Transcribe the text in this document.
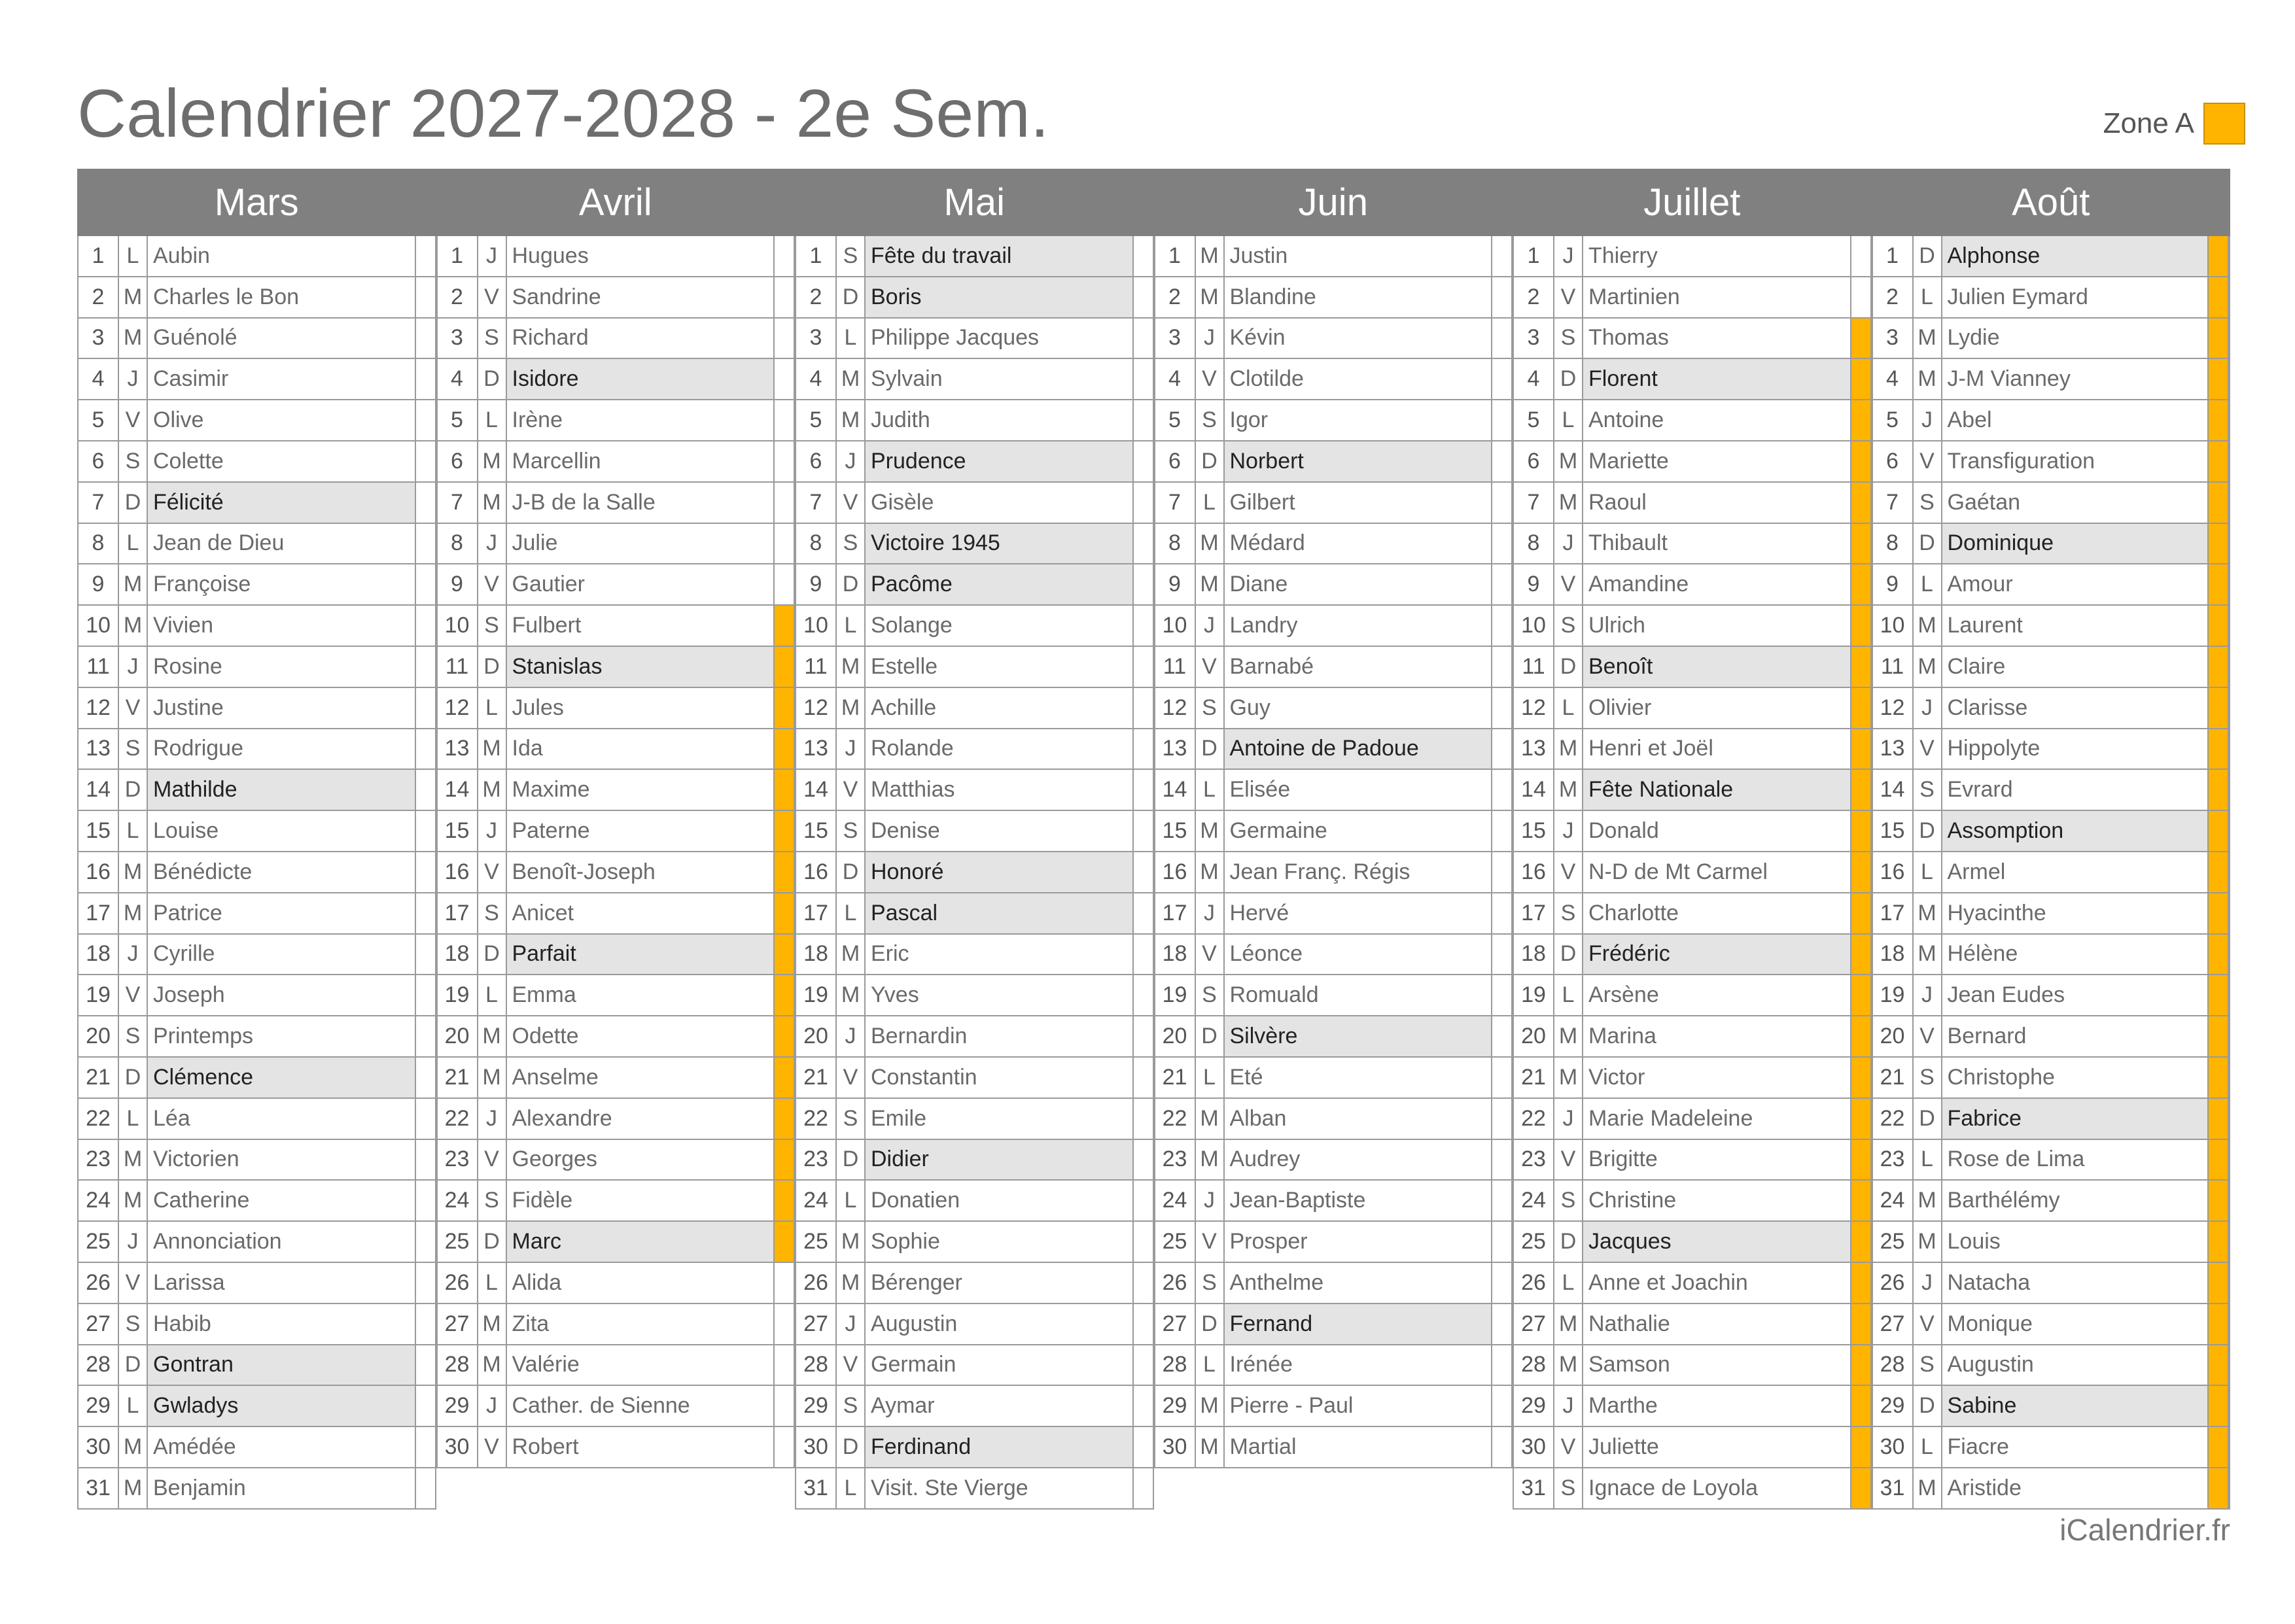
Calendrier 2027-2028 - 2e Sem.	Zone A
Mars
1	L Aubin
2 M Charles le Bon
3 M Guénolé
4	J Casimir
5 V Olive
6 S Colette
7 D Félicité
8	L Jean de Dieu
9 M Françoise
10 M Vivien
11 J Rosine
12 V Justine
13 S Rodrigue
14 D Mathilde
15 L Louise
16 M Bénédicte
17 M Patrice
18 J Cyrille
19 V Joseph
20 S Printemps
21 D Clémence
22 L Léa
23 M Victorien
24 M Catherine
25 J Annonciation
26 V Larissa
27 S Habib
28 D Gontran
29 L Gwladys
30 M Amédée
31 M Benjamin
Avril
1	J Hugues
2 V Sandrine
3 S Richard
4 D Isidore
5	L Irène
6 M Marcellin
7 M J-B de la Salle
8	J Julie
9 V Gautier
10 S Fulbert
11 D Stanislas
12 L Jules
13 M Ida
14 M Maxime
15 J Paterne
16 V Benoît-Joseph
17 S Anicet
18 D Parfait
19 L Emma
20 M Odette
21 M Anselme
22 J Alexandre
23 V Georges
24 S Fidèle
25 D Marc
26 L Alida
27 M Zita
28 M Valérie
29 J Cather. de Sienne
30 V Robert
Mai
1 S Fête du travail
2 D Boris
3	L Philippe Jacques
4 M Sylvain
5 M Judith
6	J Prudence
7 V Gisèle
8 S Victoire 1945
9 D Pacôme
10 L Solange
11 M Estelle
12 M Achille
13 J Rolande
14 V Matthias
15 S Denise
16 D Honoré
17 L Pascal
18 M Eric
19 M Yves
20 J Bernardin
21 V Constantin
22 S Emile
23 D Didier
24 L Donatien
25 M Sophie
26 M Bérenger
27 J Augustin
28 V Germain
29 S Aymar
30 D Ferdinand
31 L Visit. Ste Vierge
Juin
1 M Justin
2 M Blandine
3	J Kévin
4 V Clotilde
5 S Igor
6 D Norbert
7	L Gilbert
8 M Médard
9 M Diane
10 J Landry
11 V Barnabé
12 S Guy
13 D Antoine de Padoue
14 L Elisée
15 M Germaine
16 M Jean Franç. Régis
17 J Hervé
18 V Léonce
19 S Romuald
20 D Silvère
21 L Eté
22 M Alban
23 M Audrey
24 J Jean-Baptiste
25 V Prosper
26 S Anthelme
27 D Fernand
28 L Irénée
29 M Pierre - Paul
30 M Martial
Juillet
1	J Thierry
2 V Martinien
3 S Thomas
4 D Florent
5	L Antoine
6 M Mariette
7 M Raoul
8	J Thibault
9 V Amandine
10 S Ulrich
11 D Benoît
12 L Olivier
13 M Henri et Joël
14 M Fête Nationale
15 J Donald
16 V N-D de Mt Carmel
17 S Charlotte
18 D Frédéric
19 L Arsène
20 M Marina
21 M Victor
22 J Marie Madeleine
23 V Brigitte
24 S Christine
25 D Jacques
26 L Anne et Joachin
27 M Nathalie
28 M Samson
29 J Marthe
30 V Juliette
31 S Ignace de Loyola
Août
1 D Alphonse
2	L Julien Eymard
3 M Lydie
4 M J-M Vianney
5	J Abel
6 V Transfiguration
7 S Gaétan
8 D Dominique
9	L Amour
10 M Laurent
11 M Claire
12 J Clarisse
13 V Hippolyte
14 S Evrard
15 D Assomption
16 L Armel
17 M Hyacinthe
18 M Hélène
19 J Jean Eudes
20 V Bernard
21 S Christophe
22 D Fabrice
23 L Rose de Lima
24 M Barthélémy
25 M Louis
26 J Natacha
27 V Monique
28 S Augustin
29 D Sabine
30 L Fiacre
31 M Aristide
iCalendrier.fr
